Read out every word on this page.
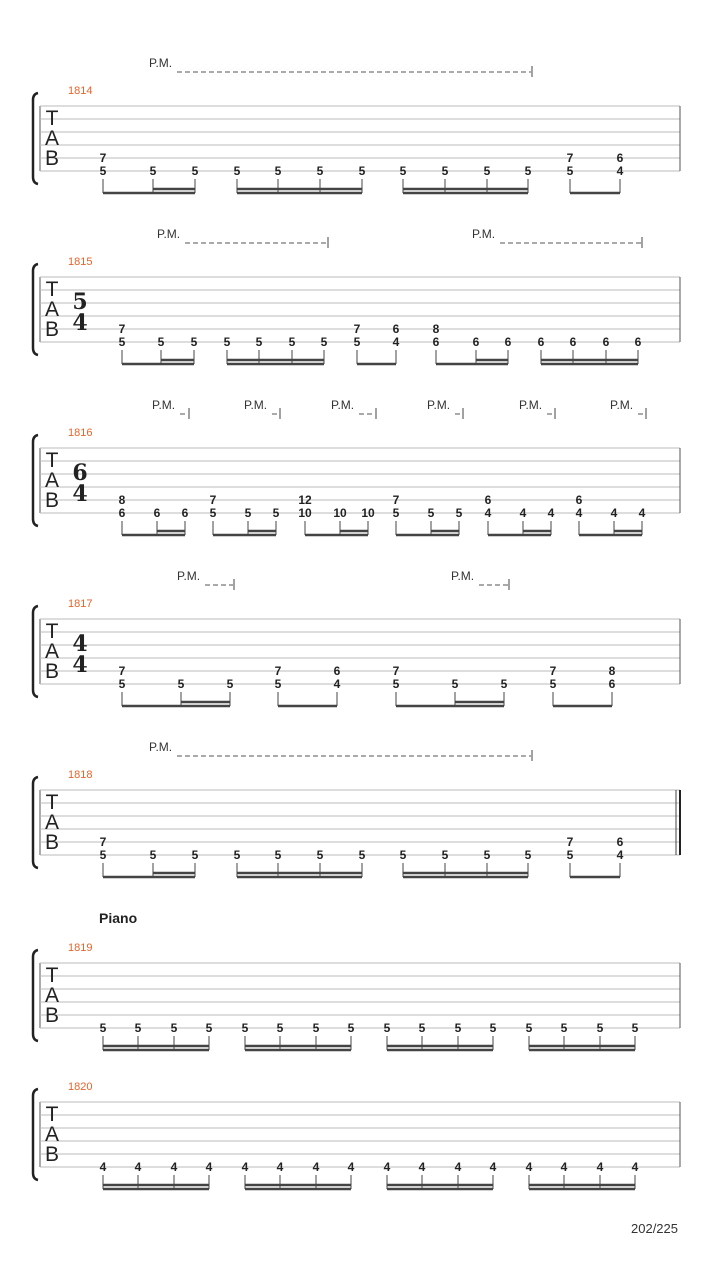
T
A
B
1814
P.M.
7
5	5	5	5	5	5	5	5	5	5	5
7
5
6
4
T
A
B
1815
5
4
P.M.	P.M.
7
5	5 5 5 5 5 5
7
5
6
4
8
6	6 6 6 6 6 6
T
A
B
1816
6
4
P.M.	P.M.	P.M.	P.M.	P.M.	P.M.
8
6 6 6
7
5 5 5
12
10 10 10
7
5 5 5
6
4 4 4
6
4 4 4
T
A
B
1817
4
4
P.M.	P.M.
7
5	5	5
7
5
6
4
7
5	5	5
7
5
8
6
T
A
B
1818
P.M.
7
5	5	5	5	5	5	5	5	5	5	5
7
5
6
4
Piano
T
A
B
1819
5 5 5 5 5 5 5 5 5 5 5 5 5 5 5 5
T
A
B
1820
4 4 4 4 4 4 4 4 4 4 4 4 4 4 4 4
202/225
